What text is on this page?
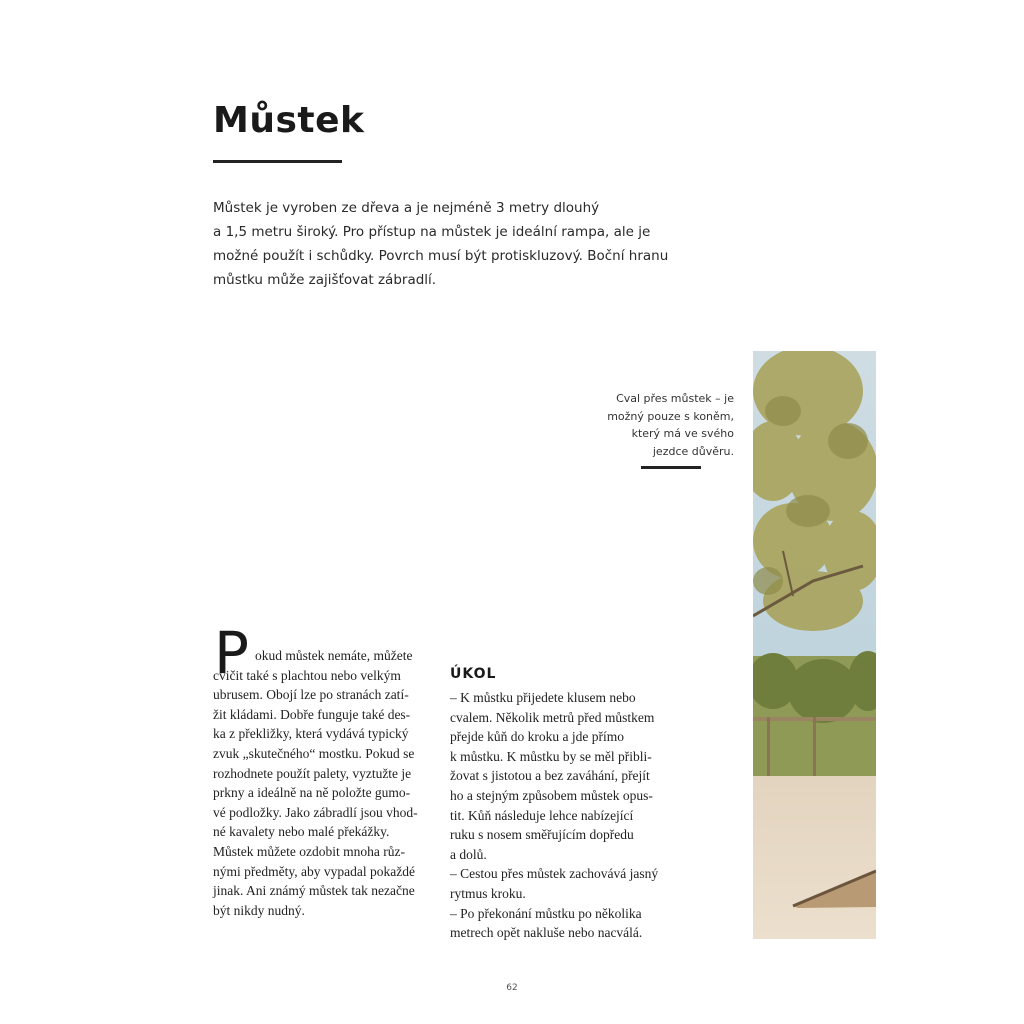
Můstek
Můstek je vyroben ze dřeva a je nejméně 3 metry dlouhý
a 1,5 metru široký. Pro přístup na můstek je ideální rampa, ale je
možné použít i schůdky. Povrch musí být protiskluzový. Boční hranu
můstku může zajišťovat zábradlí.
Cval přes můstek – je
možný pouze s koněm,
který má ve svého
jezdce důvěru.
P okud můstek nemáte, můžete
cvičit také s plachtou nebo velkým
ubrusem. Obojí lze po stranách zatí-
žit kládami. Dobře funguje také des-
ka z překližky, která vydává typický
zvuk „skutečného“ mostku. Pokud se
rozhodnete použít palety, vyztužte je
prkny a ideálně na ně položte gumo-
vé podložky. Jako zábradlí jsou vhod-
né kavalety nebo malé překážky.
Můstek můžete ozdobit mnoha růz-
nými předměty, aby vypadal pokaždé
jinak. Ani známý můstek tak nezačne
být nikdy nudný.
ÚKOL
– K můstku přijedete klusem nebo
cvalem. Několik metrů před můstkem
přejde kůň do kroku a jde přímo
k můstku. K můstku by se měl přibli-
žovat s jistotou a bez zaváhání, přejít
ho a stejným způsobem můstek opus-
tit. Kůň následuje lehce nabízející
ruku s nosem směřujícím dopředu
a dolů.
– Cestou přes můstek zachovává jasný
rytmus kroku.
– Po překonání můstku po několika
metrech opět nakluše nebo nacválá.
62
